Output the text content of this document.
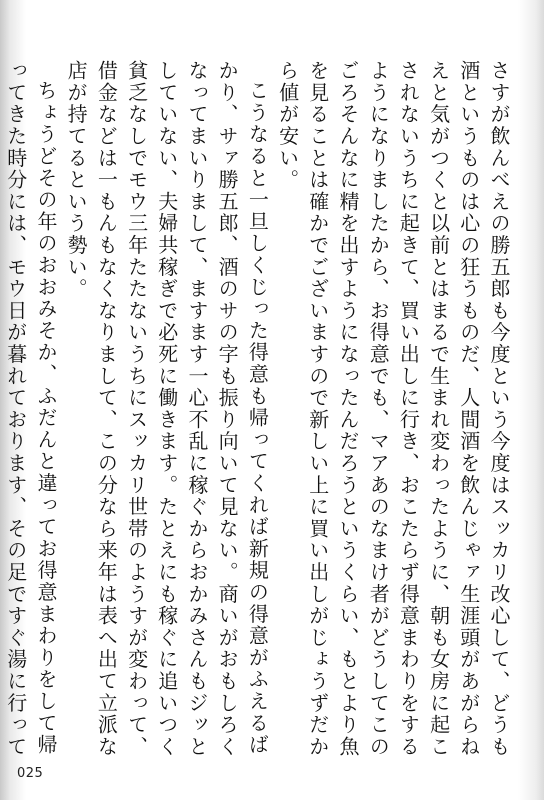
さすが飲んべえの勝五郎も今度という今度はスッカリ改心して、どうも酒というものは心の狂うものだ、人間酒を飲んじゃァ生涯頭があがらねえと気がつくと以前とはまるで生まれ変わったように、朝も女房に起こされないうちに起きて、買い出しに行き、おこたらず得意まわりをするようになりましたから、お得意でも、マアあのなまけ者がどうしてこのごろそんなに精を出すようになったんだろうというくらい、もとより魚を見ることは確かでございますので新しい上に買い出しがじょうずだから値が安い。

こうなると一旦しくじった得意も帰ってくれば新規の得意がふえるばかり、サァ勝五郎、酒のサの字も振り向いて見ない。商いがおもしろくなってまいりまして、ますます一心不乱に稼ぐからおかみさんもジッとしていない、夫婦共稼ぎで必死に働きます。たとえにも稼ぐに追いつく貧乏なしでモウ三年たたないうちにスッカリ世帯のようすが変わって、借金などは一もんもなくなりまして、この分なら来年は表へ出て立派な店が持てるという勢い。

ちょうどその年のおおみそか、ふだんと違ってお得意まわりをして帰ってきた時分には、モウ日が暮れております、その足ですぐ湯に行って

025
